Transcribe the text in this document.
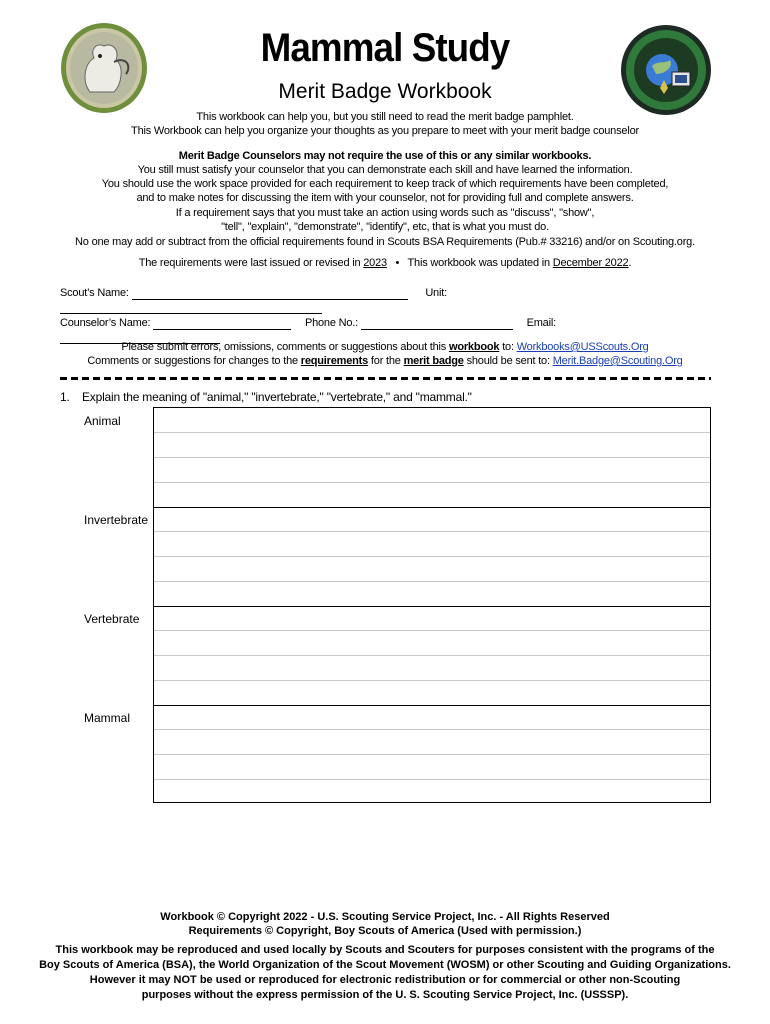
Mammal Study
Merit Badge Workbook
This workbook can help you, but you still need to read the merit badge pamphlet.
This Workbook can help you organize your thoughts as you prepare to meet with your merit badge counselor
Merit Badge Counselors may not require the use of this or any similar workbooks.
You still must satisfy your counselor that you can demonstrate each skill and have learned the information.
You should use the work space provided for each requirement to keep track of which requirements have been completed,
and to make notes for discussing the item with your counselor, not for providing full and complete answers.
If a requirement says that you must take an action using words such as "discuss", "show",
"tell", "explain", "demonstrate", "identify", etc, that is what you must do.
No one may add or subtract from the official requirements found in Scouts BSA Requirements (Pub.# 33216) and/or on Scouting.org.
The requirements were last issued or revised in 2023 • This workbook was updated in December 2022.
Scout’s Name:	Unit:
Counselor’s Name:	Phone No.:	Email:
Please submit errors, omissions, comments or suggestions about this workbook to: Workbooks@USScouts.Org
Comments or suggestions for changes to the requirements for the merit badge should be sent to: Merit.Badge@Scouting.Org
1. Explain the meaning of "animal," "invertebrate," "vertebrate," and "mammal."
Animal
Invertebrate
Vertebrate
Mammal
Workbook © Copyright 2022 - U.S. Scouting Service Project, Inc. - All Rights Reserved
Requirements © Copyright, Boy Scouts of America (Used with permission.)
This workbook may be reproduced and used locally by Scouts and Scouters for purposes consistent with the programs of the
Boy Scouts of America (BSA), the World Organization of the Scout Movement (WOSM) or other Scouting and Guiding Organizations.
However it may NOT be used or reproduced for electronic redistribution or for commercial or other non-Scouting
purposes without the express permission of the U. S. Scouting Service Project, Inc. (USSSP).
